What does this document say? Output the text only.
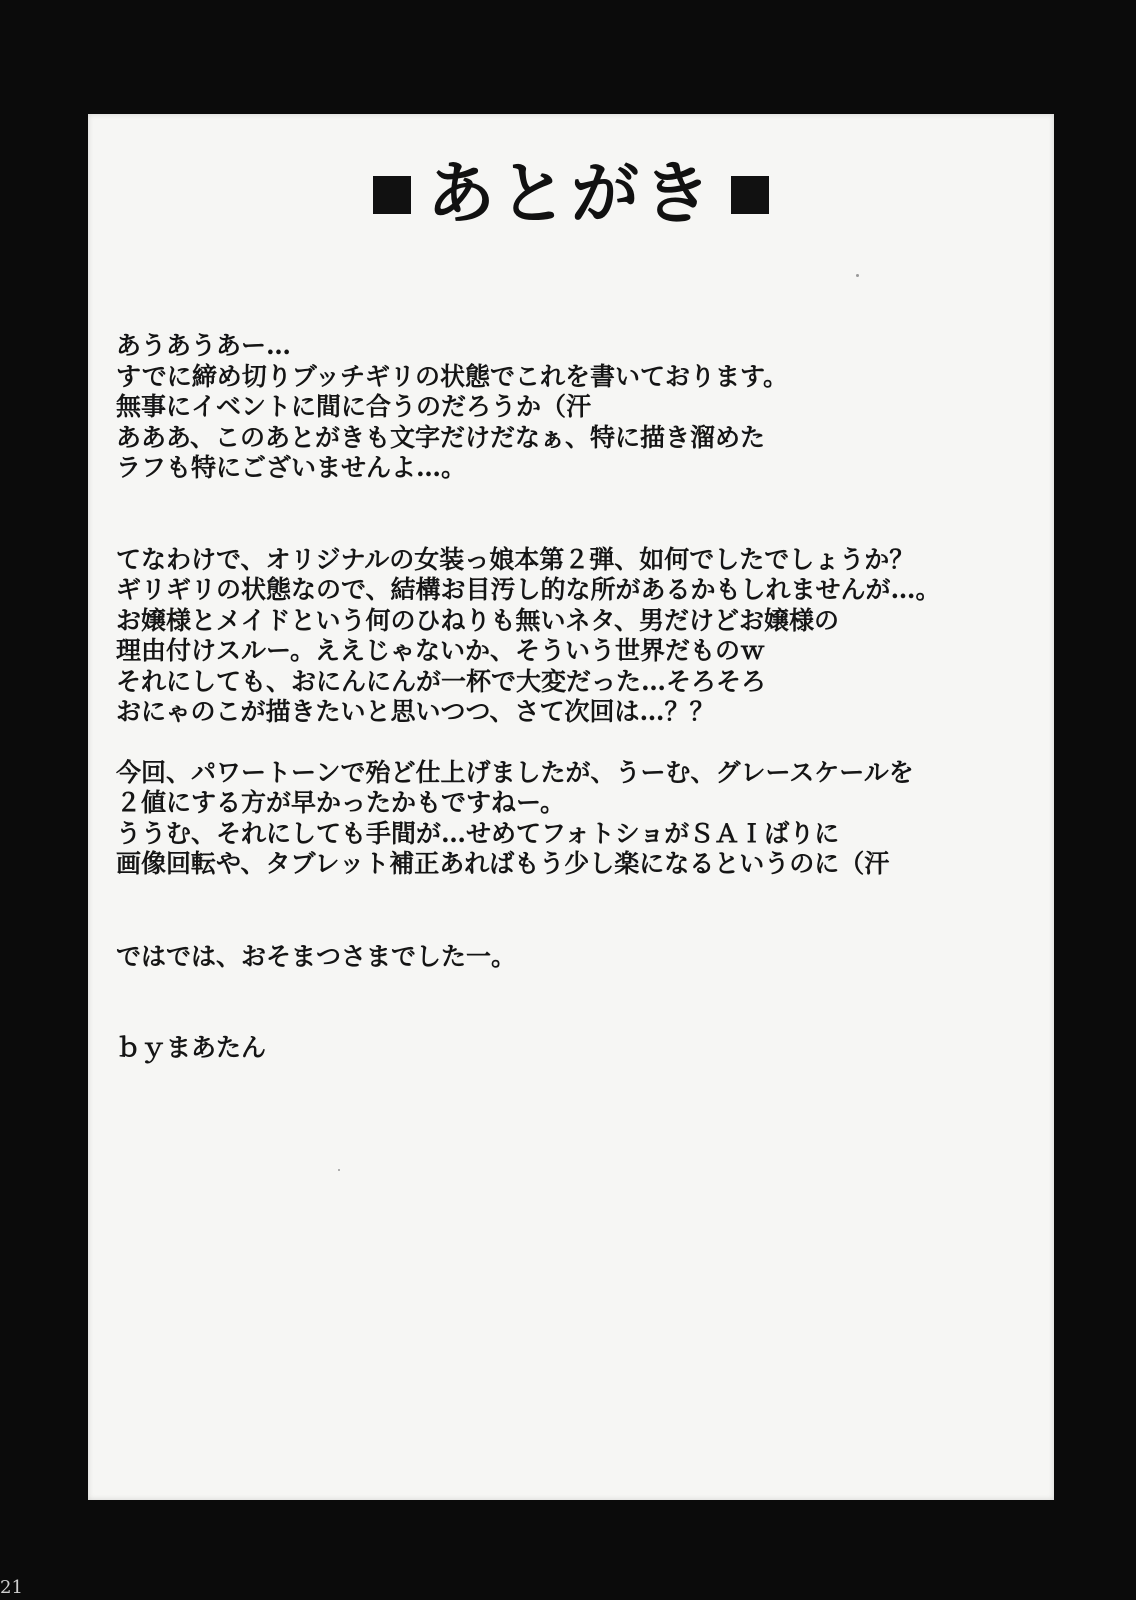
あとがき

あうあうあー…
すでに締め切りブッチギリの状態でこれを書いております。
無事にイベントに間に合うのだろうか（汗
あああ、このあとがきも文字だけだなぁ、特に描き溜めた
ラフも特にございませんよ…。

てなわけで、オリジナルの女装っ娘本第２弾、如何でしたでしょうか？
ギリギリの状態なので、結構お目汚し的な所があるかもしれませんが…。
お嬢様とメイドという何のひねりも無いネタ、男だけどお嬢様の
理由付けスルー。ええじゃないか、そういう世界だものｗ
それにしても、おにんにんが一杯で大変だった…そろそろ
おにゃのこが描きたいと思いつつ、さて次回は…？？

今回、パワートーンで殆ど仕上げましたが、うーむ、グレースケールを
２値にする方が早かったかもですねー。
ううむ、それにしても手間が…せめてフォトショがＳＡＩばりに
画像回転や、タブレット補正あればもう少し楽になるというのに（汗

ではでは、おそまつさまでした一。

ｂｙまあたん

21
